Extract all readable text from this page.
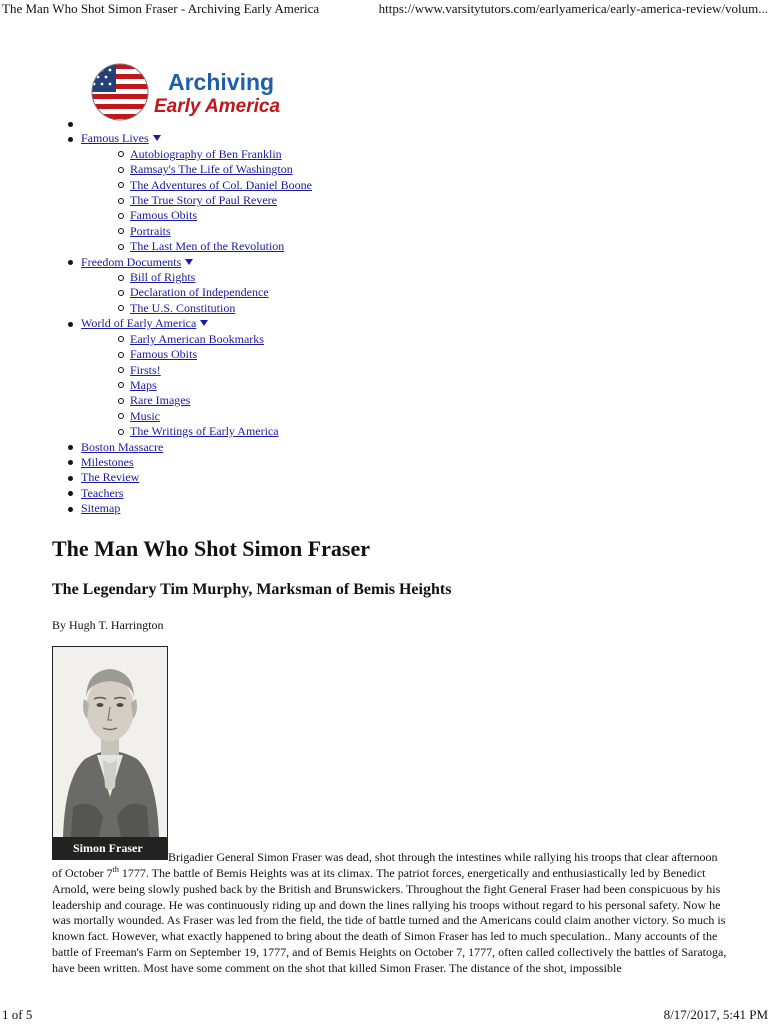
The Man Who Shot Simon Fraser - Archiving Early America	https://www.varsitytutors.com/earlyamerica/early-america-review/volum...
Archiving
Early America

Famous Lives
Autobiography of Ben Franklin
Ramsay's The Life of Washington
The Adventures of Col. Daniel Boone
The True Story of Paul Revere
Famous Obits
Portraits
The Last Men of the Revolution
Freedom Documents
Bill of Rights
Declaration of Independence
The U.S. Constitution
World of Early America
Early American Bookmarks
Famous Obits
Firsts!
Maps
Rare Images
Music
The Writings of Early America
Boston Massacre
Milestones
The Review
Teachers
Sitemap
The Man Who Shot Simon Fraser
The Legendary Tim Murphy, Marksman of Bemis Heights
By Hugh T. Harrington
Simon Fraser
Brigadier General Simon Fraser was dead, shot through the intestines while rallying his troops that clear afternoon
of October 7th 1777. The battle of Bemis Heights was at its climax. The patriot forces, energetically and enthusiastically led by Benedict Arnold, were being slowly pushed back by the British and Brunswickers. Throughout the fight General Fraser had been conspicuous by his leadership and courage. He was continuously riding up and down the lines rallying his troops without regard to his personal safety. Now he was mortally wounded. As Fraser was led from the field, the tide of battle turned and the Americans could claim another victory. So much is known fact. However, what exactly happened to bring about the death of Simon Fraser has led to much speculation.. Many accounts of the battle of Freeman's Farm on September 19, 1777, and of Bemis Heights on October 7, 1777, often called collectively the battles of Saratoga, have been written. Most have some comment on the shot that killed Simon Fraser. The distance of the shot, impossible
1 of 5	8/17/2017, 5:41 PM
